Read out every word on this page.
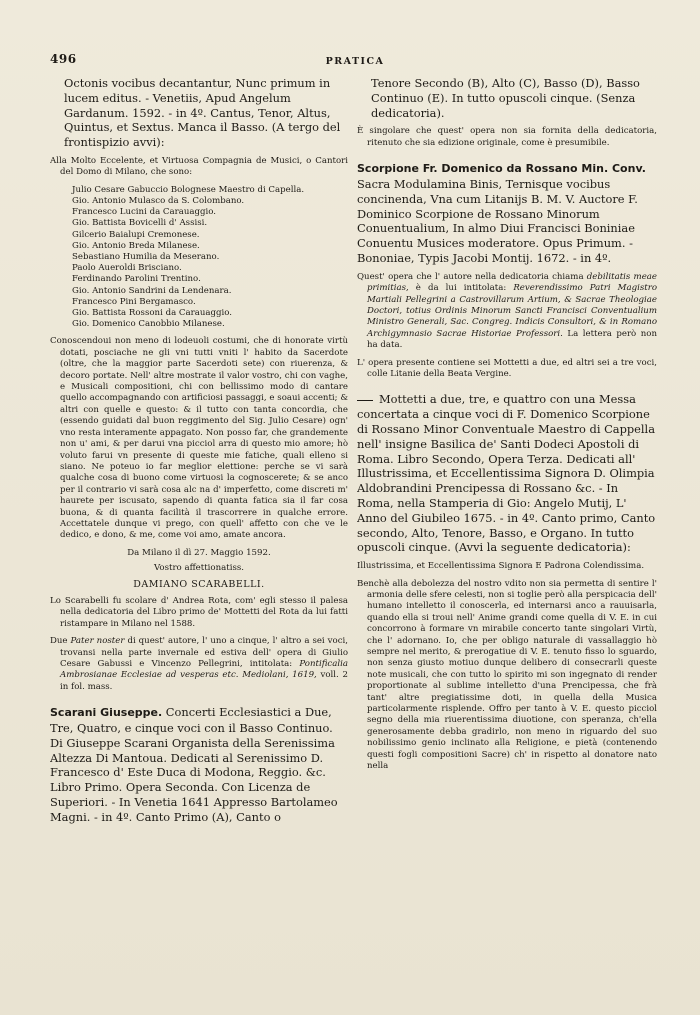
496	PRATICA

Octonis vocibus decantantur, Nunc primum in lucem editus. - Venetiis, Apud Angelum Gardanum. 1592. - in 4º. Cantus, Tenor, Altus, Quintus, et Sextus. Manca il Basso. (A tergo del frontispizio avvi):

Alla Molto Eccelente, et Virtuosa Compagnia de Musici, o Cantori del Domo di Milano, che sono:

Julio Cesare Gabuccio Bolognese Maestro di Capella.
Gio. Antonio Mulasco da S. Colombano.
Francesco Lucini da Carauaggio.
Gio. Battista Bovicelli d' Assisi.
Gilcerio Baialupi Cremonese.
Gio. Antonio Breda Milanese.
Sebastiano Humilia da Meserano.
Paolo Aueroldi Brisciano.
Ferdinando Parolini Trentino.
Gio. Antonio Sandrini da Lendenara.
Francesco Pini Bergamasco.
Gio. Battista Rossoni da Carauaggio.
Gio. Domenico Canobbio Milanese.

Conoscendoui non meno di lodeuoli costumi, che di honorate virtù dotati, posciache ne gli vni tutti vniti l' habito da Sacerdote (oltre, che la maggior parte Sacerdoti sete) con riuerenza, & decoro portate. Nell' altre mostrate il valor vostro, chi con vaghe, e Musicali compositioni, chi con bellissimo modo di cantare quello accompagnando con artificiosi passaggi, e soaui accenti; & altri con quelle e questo: & il tutto con tanta concordia, che (essendo guidati dal buon reggimento del Sig. Julio Cesare) ogn' vno resta interamente appagato. Non posso far, che grandemente non u' ami, & per darui vna picciol arra di questo mio amore; hò voluto farui vn presente di queste mie fatiche, quali elleno si siano. Ne poteuo io far meglior elettione: perche se vi sarà qualche cosa di buono come virtuosi la cognoscerete; & se anco per il contrario vi sarà cosa alc na d' imperfetto, come discreti m' haurete per iscusato, sapendo di quanta fatica sia il far cosa buona, & di quanta facilità il trascorrere in qualche errore. Accettatele dunque vi prego, con quell' affetto con che ve le dedico, e dono, & me, come voi amo, amate ancora.

Da Milano il dì 27. Maggio 1592.

Vostro affettionatiss.

DAMIANO SCARABELLI.

Lo Scarabelli fu scolare d' Andrea Rota, com' egli stesso il palesa nella dedicatoria del Libro primo de' Mottetti del Rota da lui fatti ristampare in Milano nel 1588.

Due Pater noster di quest' autore, l' uno a cinque, l' altro a sei voci, trovansi nella parte invernale ed estiva dell' opera di Giulio Cesare Gabussi e Vincenzo Pellegrini, intitolata: Pontificalia Ambrosianae Ecclesiae ad vesperas etc. Mediolani, 1619, voll. 2 in fol. mass.

Scarani Giuseppe. Concerti Ecclesiastici a Due, Tre, Quatro, e cinque voci con il Basso Continuo. Di Giuseppe Scarani Organista della Serenissima Altezza Di Mantoua. Dedicati al Serenissimo D. Francesco d' Este Duca di Modona, Reggio. &c. Libro Primo. Opera Seconda. Con Licenza de Superiori. - In Venetia 1641 Appresso Bartolameo Magni. - in 4º. Canto Primo (A), Canto o

Tenore Secondo (B), Alto (C), Basso (D), Basso Continuo (E). In tutto opuscoli cinque. (Senza dedicatoria).

È singolare che quest' opera non sia fornita della dedicatoria, ritenuto che sia edizione originale, come è presumibile.

Scorpione Fr. Domenico da Rossano Min. Conv. Sacra Modulamina Binis, Ternisque vocibus concinenda, Vna cum Litanijs B. M. V. Auctore F. Dominico Scorpione de Rossano Minorum Conuentualium, In almo Diui Francisci Boniniae Conuentu Musices moderatore. Opus Primum. - Bononiae, Typis Jacobi Montij. 1672. - in 4º.

Quest' opera che l' autore nella dedicatoria chiama debilitatis meae primitias, è da lui intitolata: Reverendissimo Patri Magistro Martiali Pellegrini a Castrovillarum Artium, & Sacrae Theologiae Doctori, totius Ordinis Minorum Sancti Francisci Conventualium Ministro Generali, Sac. Congreg. Indicis Consultori, & in Romano Archigymnasio Sacrae Historiae Professori. La lettera però non ha data.

L' opera presente contiene sei Mottetti a due, ed altri sei a tre voci, colle Litanie della Beata Vergine.

Mottetti a due, tre, e quattro con una Messa concertata a cinque voci di F. Domenico Scorpione di Rossano Minor Conventuale Maestro di Cappella nell' insigne Basilica de' Santi Dodeci Apostoli di Roma. Libro Secondo, Opera Terza. Dedicati all' Illustrissima, et Eccellentissima Signora D. Olimpia Aldobrandini Prencipessa di Rossano &c. - In Roma, nella Stamperia di Gio: Angelo Mutij, L' Anno del Giubileo 1675. - in 4º. Canto primo, Canto secondo, Alto, Tenore, Basso, e Organo. In tutto opuscoli cinque. (Avvi la seguente dedicatoria):

Illustrissima, et Eccellentissima Signora E Padrona Colendissima.

Benchè alla debolezza del nostro vdito non sia permetta di sentire l' armonia delle sfere celesti, non si toglie però alla perspicacia dell' humano intelletto il conoscerla, ed internarsi anco a rauuisarla, quando ella si troui nell' Anime grandi come quella di V. E. in cui concorrono à formare vn mirabile concerto tante singolari Virtù, che l' adornano. Io, che per obligo naturale di vassallaggio hò sempre nel merito, & prerogatiue di V. E. tenuto fisso lo sguardo, non senza giusto motiuo dunque delibero di consecrarli queste note musicali, che con tutto lo spirito mi son ingegnato di render proportionate al sublime intelletto d'una Prencipessa, che frà tant' altre pregiatissime doti, in quella della Musica particolarmente risplende. Offro per tanto à V. E. questo picciol segno della mia riuerentissima diuotione, con speranza, ch'ella generosamente debba gradirlo, non meno in riguardo del suo nobilissimo genio inclinato alla Religione, e pietà (contenendo questi fogli compositioni Sacre) ch' in rispetto al donatore nato nella
